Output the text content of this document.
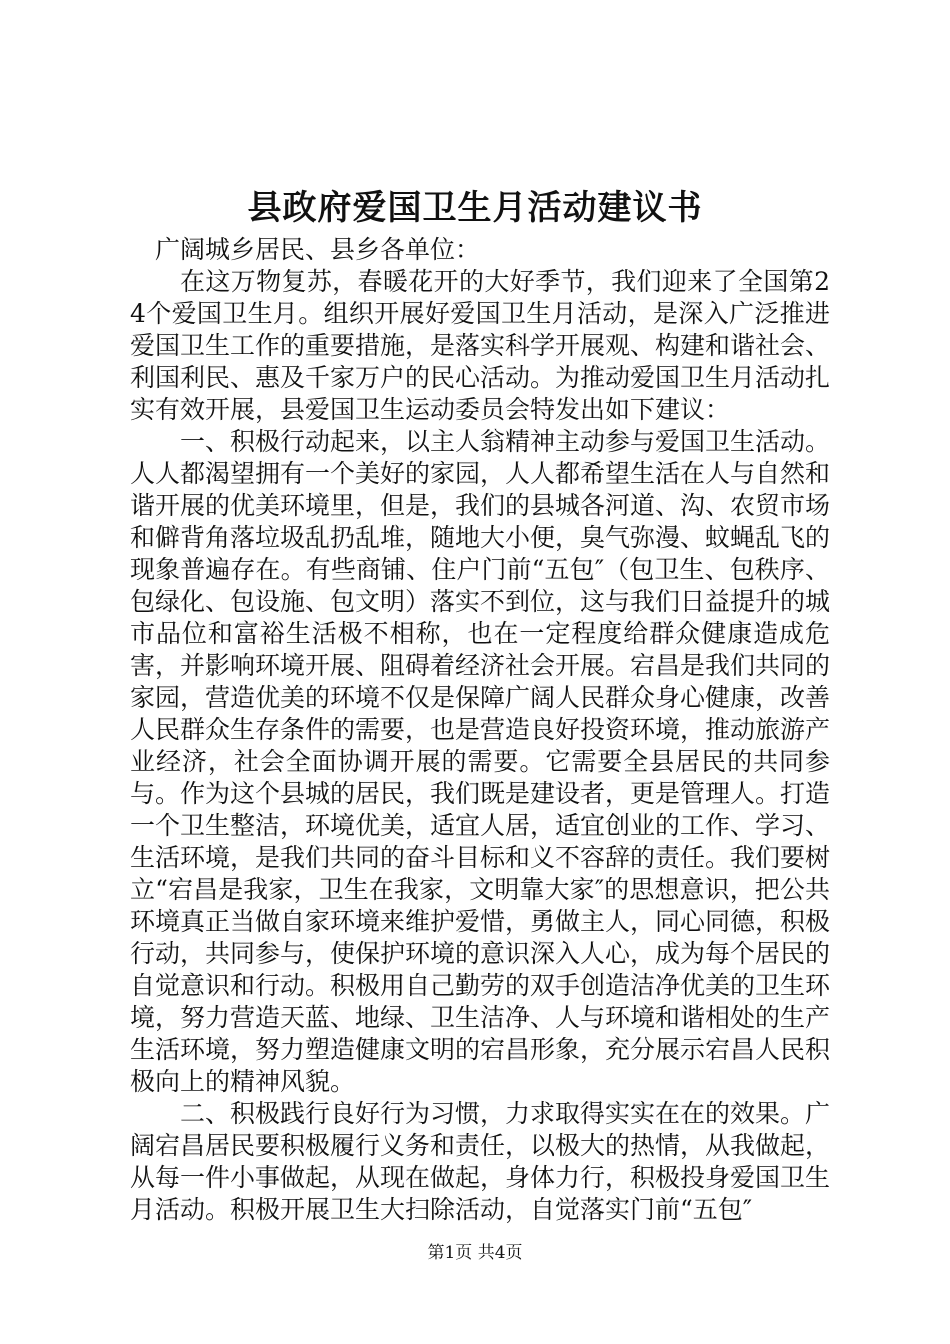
县政府爱国卫生月活动建议书

广阔城乡居民、县乡各单位：

在这万物复苏，春暖花开的大好季节，我们迎来了全国第24个爱国卫生月。组织开展好爱国卫生月活动，是深入广泛推进爱国卫生工作的重要措施，是落实科学开展观、构建和谐社会、利国利民、惠及千家万户的民心活动。为推动爱国卫生月活动扎实有效开展，县爱国卫生运动委员会特发出如下建议：

一、积极行动起来，以主人翁精神主动参与爱国卫生活动。人人都渴望拥有一个美好的家园，人人都希望生活在人与自然和谐开展的优美环境里，但是，我们的县城各河道、沟、农贸市场和僻背角落垃圾乱扔乱堆，随地大小便，臭气弥漫、蚊蝇乱飞的现象普遍存在。有些商铺、住户门前“五包″（包卫生、包秩序、包绿化、包设施、包文明）落实不到位，这与我们日益提升的城市品位和富裕生活极不相称，也在一定程度给群众健康造成危害，并影响环境开展、阻碍着经济社会开展。宕昌是我们共同的家园，营造优美的环境不仅是保障广阔人民群众身心健康，改善人民群众生存条件的需要，也是营造良好投资环境，推动旅游产业经济，社会全面协调开展的需要。它需要全县居民的共同参与。作为这个县城的居民，我们既是建设者，更是管理人。打造一个卫生整洁，环境优美，适宜人居，适宜创业的工作、学习、生活环境，是我们共同的奋斗目标和义不容辞的责任。我们要树立“宕昌是我家，卫生在我家，文明靠大家″的思想意识，把公共环境真正当做自家环境来维护爱惜，勇做主人，同心同德，积极行动，共同参与，使保护环境的意识深入人心，成为每个居民的自觉意识和行动。积极用自己勤劳的双手创造洁净优美的卫生环境，努力营造天蓝、地绿、卫生洁净、人与环境和谐相处的生产生活环境，努力塑造健康文明的宕昌形象，充分展示宕昌人民积极向上的精神风貌。

二、积极践行良好行为习惯，力求取得实实在在的效果。广阔宕昌居民要积极履行义务和责任，以极大的热情，从我做起，从每一件小事做起，从现在做起，身体力行，积极投身爱国卫生月活动。积极开展卫生大扫除活动，自觉落实门前“五包″

第1页 共4页
